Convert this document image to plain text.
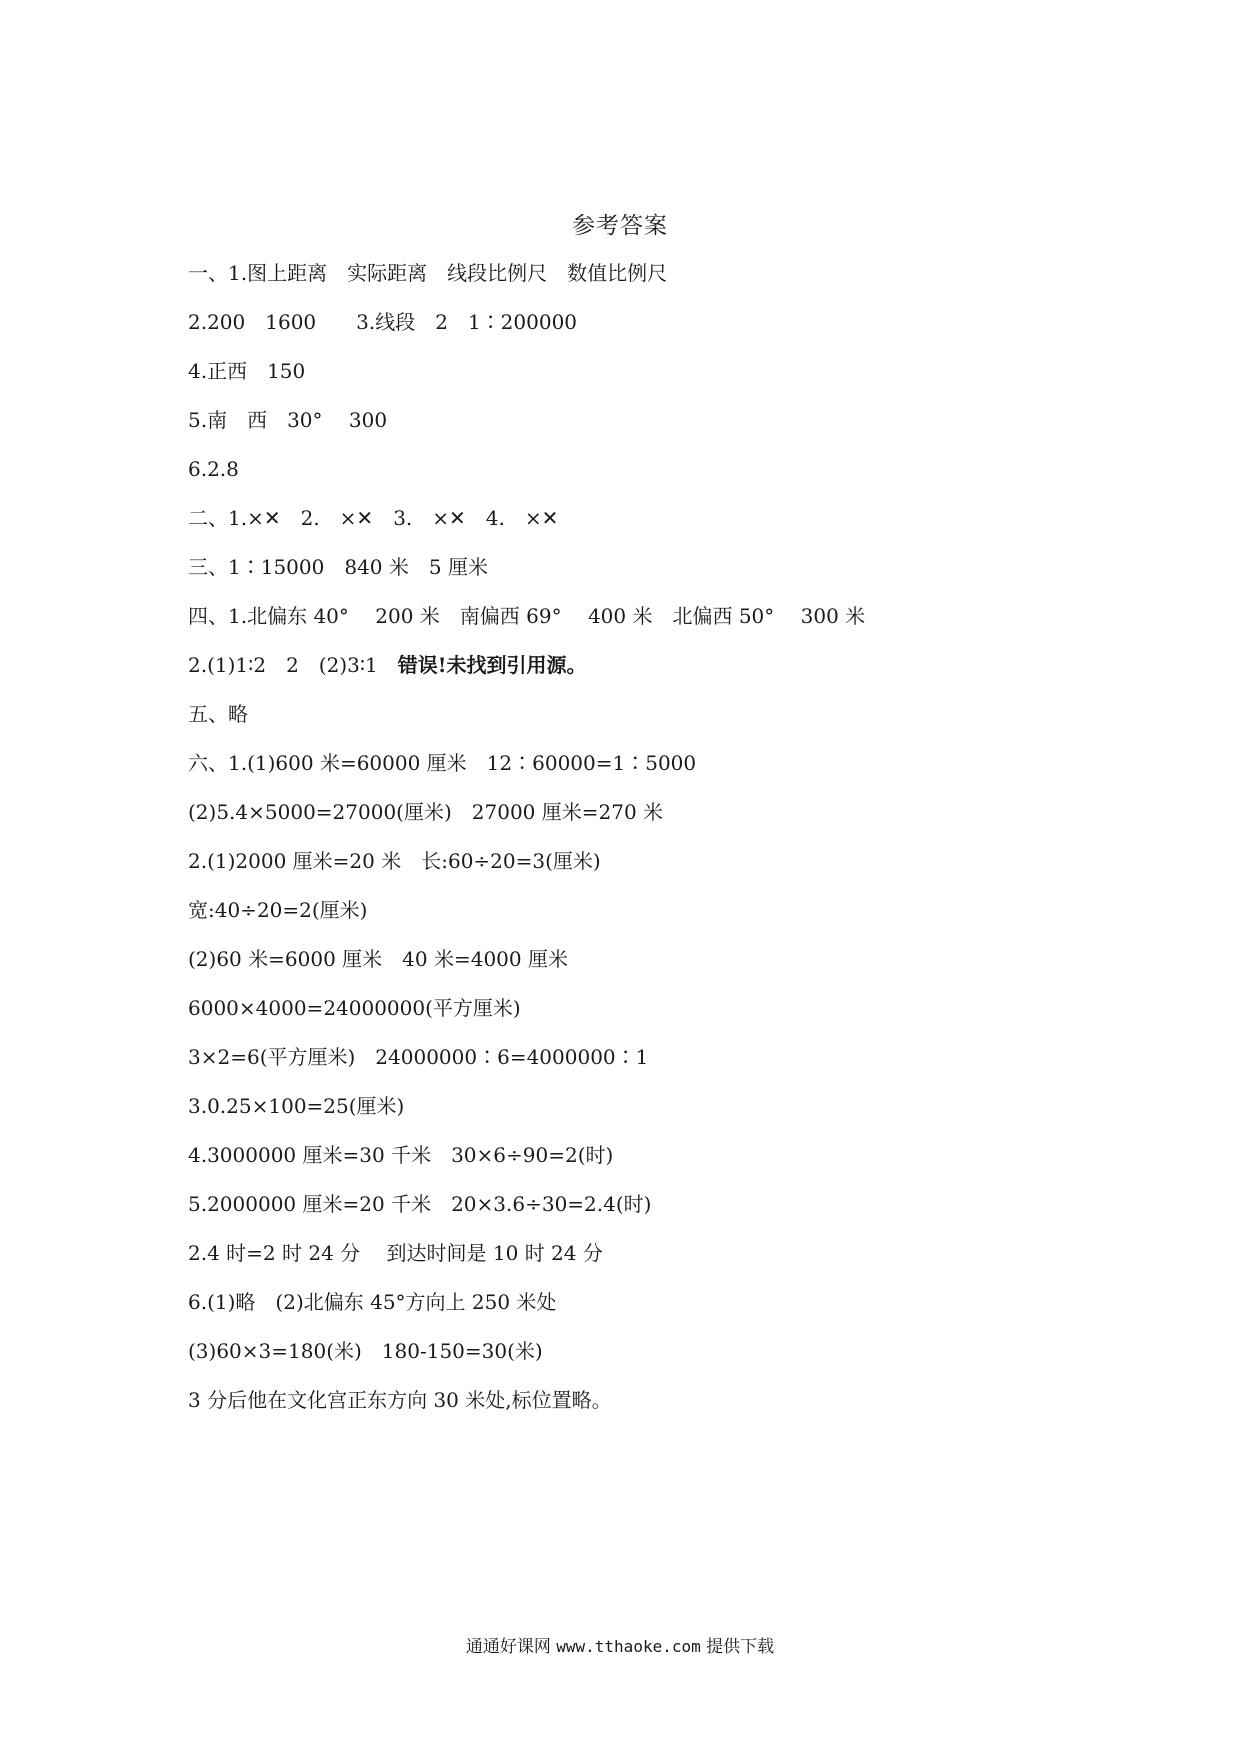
参考答案
一、1.图上距离　实际距离　线段比例尺　数值比例尺
2.200　1600　　3.线段　2　1∶200000
4.正西　150
5.南　西　30°　 300
6.2.8
二、1.×✕　2.　×✕　3.　×✕　4.　×✕
三、1∶15000　840 米　5 厘米
四、1.北偏东 40°　 200 米　南偏西 69°　 400 米　北偏西 50°　 300 米
2.(1)1∶2　2　(2)3∶1　错误!未找到引用源。
五、略
六、1.(1)600 米=60000 厘米　12∶60000=1∶5000
(2)5.4×5000=27000(厘米)　27000 厘米=270 米
2.(1)2000 厘米=20 米　长:60÷20=3(厘米)
宽:40÷20=2(厘米)
(2)60 米=6000 厘米　40 米=4000 厘米
6000×4000=24000000(平方厘米)
3×2=6(平方厘米)　24000000∶6=4000000∶1
3.0.25×100=25(厘米)
4.3000000 厘米=30 千米　30×6÷90=2(时)
5.2000000 厘米=20 千米　20×3.6÷30=2.4(时)
2.4 时=2 时 24 分　 到达时间是 10 时 24 分
6.(1)略　(2)北偏东 45°方向上 250 米处
(3)60×3=180(米)　180-150=30(米)
3 分后他在文化宫正东方向 30 米处,标位置略。
通通好课网 www.tthaoke.com 提供下载
